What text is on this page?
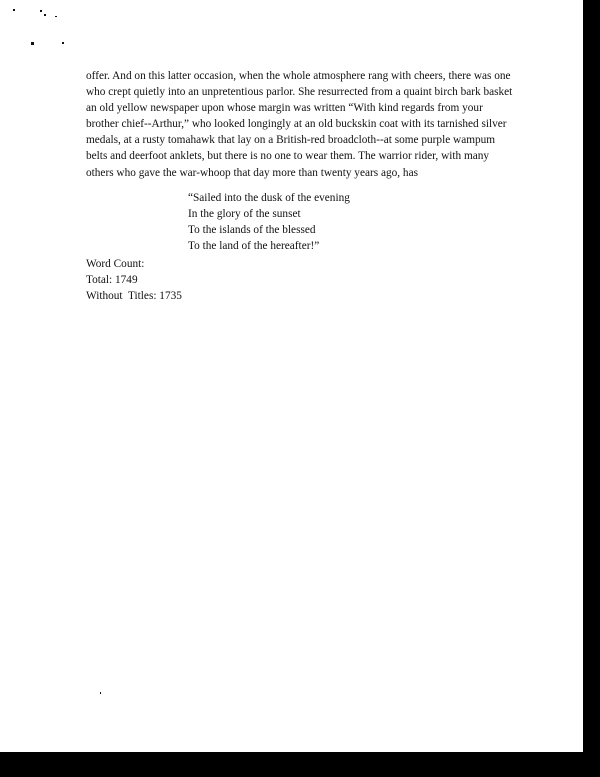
offer. And on this latter occasion, when the whole atmosphere rang with cheers, there was one who crept quietly into an unpretentious parlor. She resurrected from a quaint birch bark basket an old yellow newspaper upon whose margin was written “With kind regards from your brother chief--Arthur,” who looked longingly at an old buckskin coat with its tarnished silver medals, at a rusty tomahawk that lay on a British-red broadcloth--at some purple wampum belts and deerfoot anklets, but there is no one to wear them. The warrior rider, with many others who gave the war-whoop that day more than twenty years ago, has

“Sailed into the dusk of the evening
In the glory of the sunset
To the islands of the blessed
To the land of the hereafter!”
Word Count:
Total: 1749
Without  Titles: 1735
